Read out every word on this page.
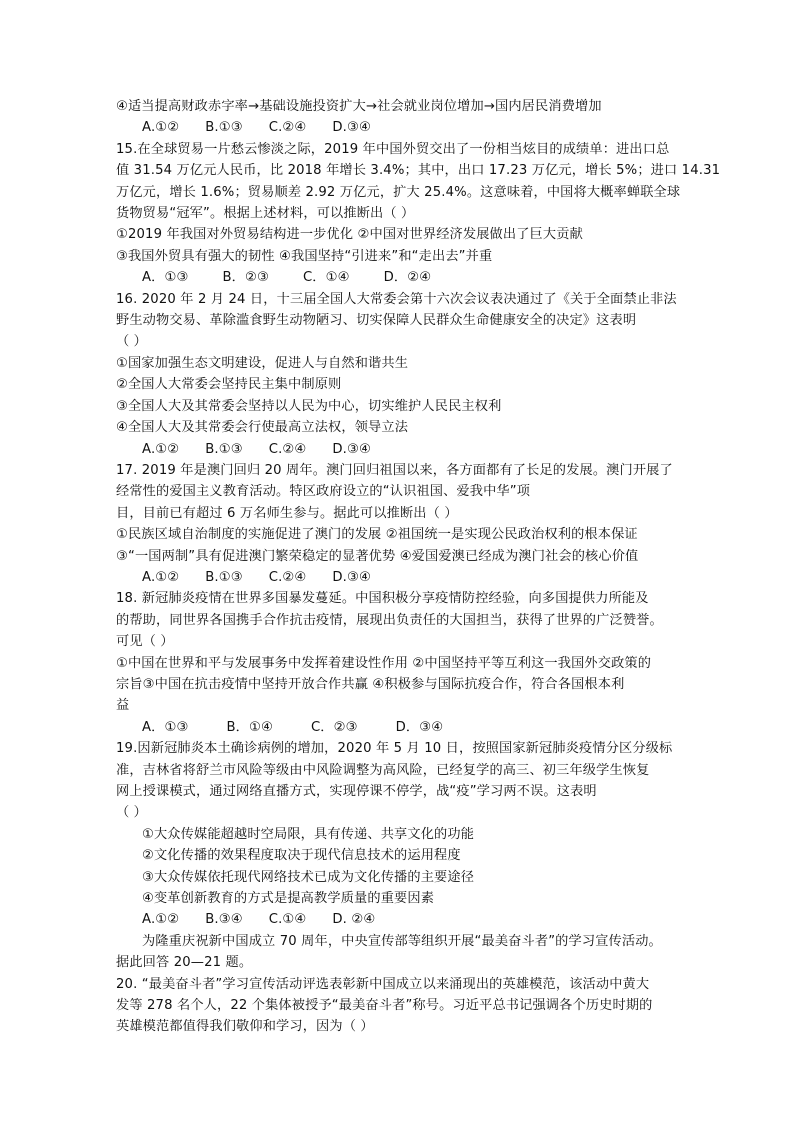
④适当提高财政赤字率→基础设施投资扩大→社会就业岗位增加→国内居民消费增加
A.①② B.①③ C.②④ D.③④
15.在全球贸易一片愁云惨淡之际，2019 年中国外贸交出了一份相当炫目的成绩单：进出口总
值 31.54 万亿元人民币，比 2018 年增长 3.4%；其中，出口 17.23 万亿元，增长 5%；进口 14.31
万亿元，增长 1.6%；贸易顺差 2.92 万亿元，扩大 25.4%。这意味着，中国将大概率蝉联全球
货物贸易“冠军”。根据上述材料，可以推断出（ ）
①2019 年我国对外贸易结构进一步优化 ②中国对世界经济发展做出了巨大贡献
③我国外贸具有强大的韧性 ④我国坚持“引进来”和“走出去”并重
A．①③	B．②③	C．①④	D．②④
16. 2020 年 2 月 24 日，十三届全国人大常委会第十六次会议表决通过了《关于全面禁止非法
野生动物交易、革除滥食野生动物陋习、切实保障人民群众生命健康安全的决定》这表明
（ ）
①国家加强生态文明建设，促进人与自然和谐共生
②全国人大常委会坚持民主集中制原则
③全国人大及其常委会坚持以人民为中心，切实维护人民民主权利
④全国人大及其常委会行使最高立法权，领导立法
A.①② B.①③ C.②④ D.③④
17. 2019 年是澳门回归 20 周年。澳门回归祖国以来，各方面都有了长足的发展。澳门开展了
经常性的爱国主义教育活动。特区政府设立的“认识祖国、爱我中华”项
目，目前已有超过 6 万名师生参与。据此可以推断出（ ）
①民族区域自治制度的实施促进了澳门的发展 ②祖国统一是实现公民政治权利的根本保证
③“一国两制”具有促进澳门繁荣稳定的显著优势 ④爱国爱澳已经成为澳门社会的核心价值
A.①② B.①③ C.②④ D.③④
18. 新冠肺炎疫情在世界多国暴发蔓延。中国积极分享疫情防控经验，向多国提供力所能及
的帮助，同世界各国携手合作抗击疫情，展现出负责任的大国担当，获得了世界的广泛赞誉。
可见（ ）
①中国在世界和平与发展事务中发挥着建设性作用 ②中国坚持平等互利这一我国外交政策的
宗旨③中国在抗击疫情中坚持开放合作共赢 ④积极参与国际抗疫合作，符合各国根本利
益
A．①③	B．①④	C．②③	D．③④
19.因新冠肺炎本土确诊病例的增加，2020 年 5 月 10 日，按照国家新冠肺炎疫情分区分级标
准，吉林省将舒兰市风险等级由中风险调整为高风险，已经复学的高三、初三年级学生恢复
网上授课模式，通过网络直播方式，实现停课不停学，战“疫”学习两不误。这表明
（ ）
①大众传媒能超越时空局限，具有传递、共享文化的功能
②文化传播的效果程度取决于现代信息技术的运用程度
③大众传媒依托现代网络技术已成为文化传播的主要途径
④变革创新教育的方式是提高教学质量的重要因素
A.①② B.③④ C.①④ D. ②④
为隆重庆祝新中国成立 70 周年，中央宣传部等组织开展“最美奋斗者”的学习宣传活动。
据此回答 20—21 题。
20. “最美奋斗者”学习宣传活动评选表彰新中国成立以来涌现出的英雄模范，该活动中黄大
发等 278 名个人，22 个集体被授予“最美奋斗者”称号。习近平总书记强调各个历史时期的
英雄模范都值得我们敬仰和学习，因为（ ）
